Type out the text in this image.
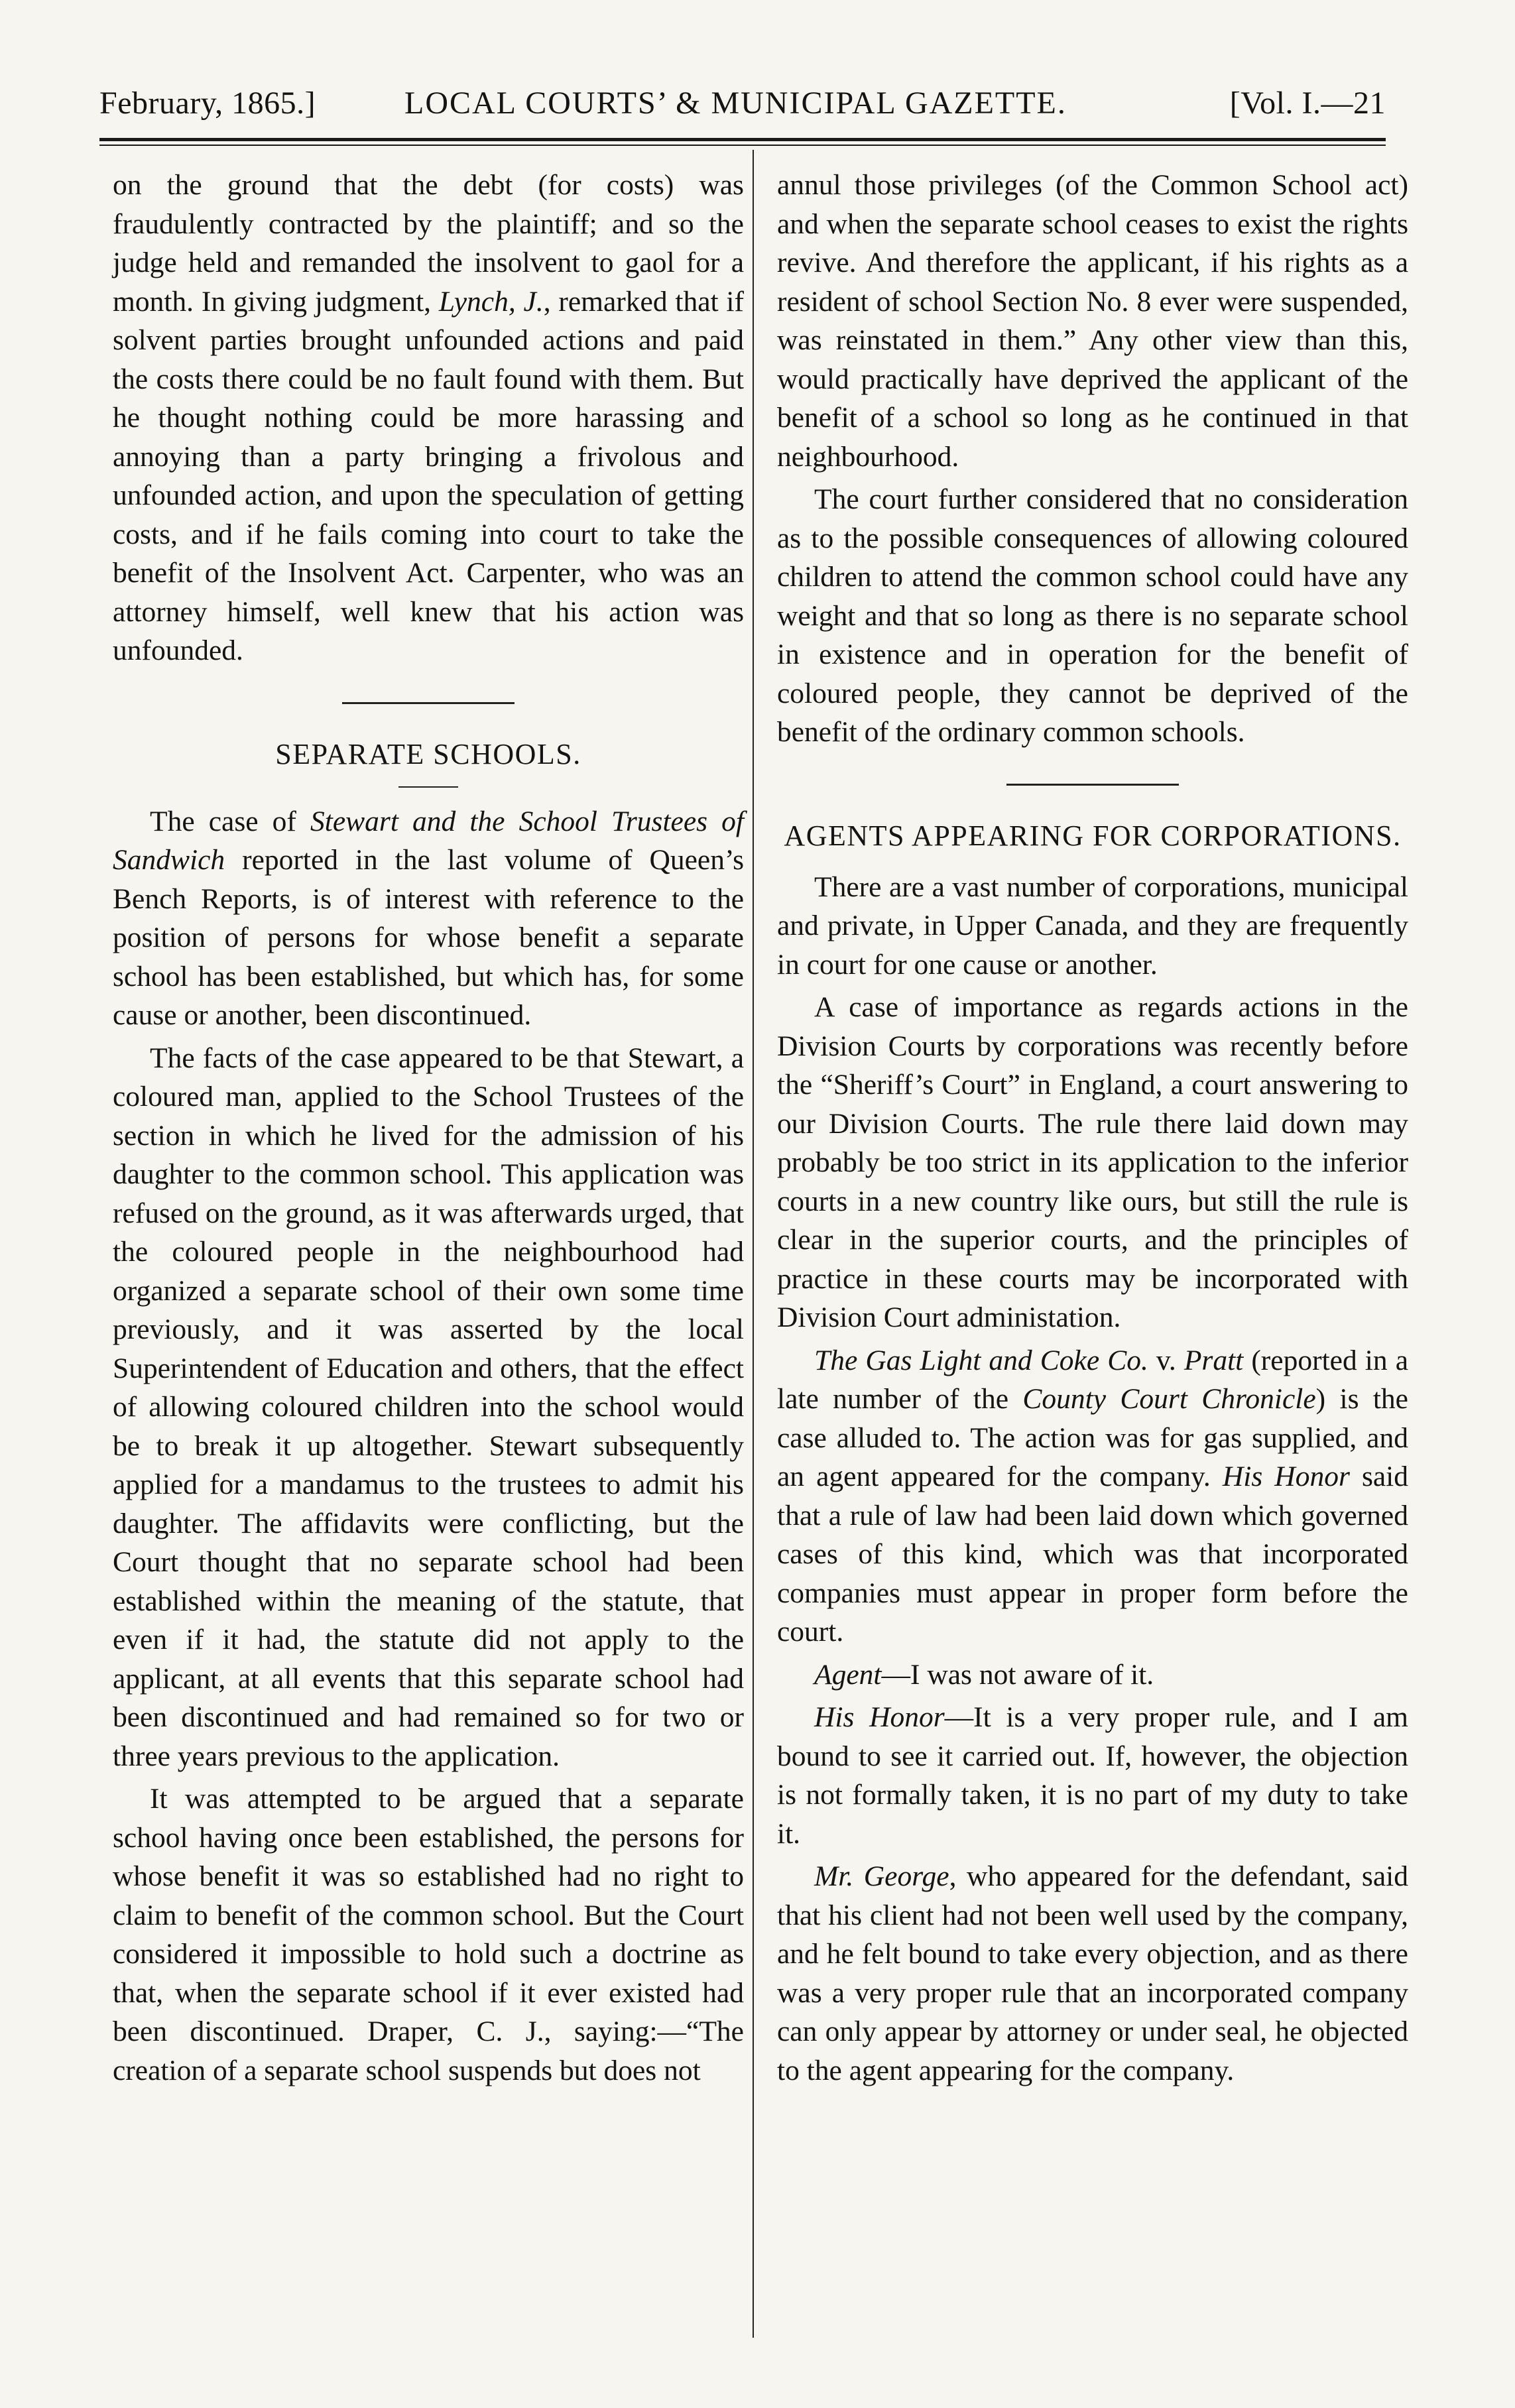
February, 1865.]	LOCAL COURTS’ & MUNICIPAL GAZETTE.	[Vol. I.—21

on the ground that the debt (for costs) was fraudulently contracted by the plaintiff; and so the judge held and remanded the insolvent to gaol for a month. In giving judgment, Lynch, J., remarked that if solvent parties brought unfounded actions and paid the costs there could be no fault found with them. But he thought nothing could be more harassing and annoying than a party bringing a frivolous and unfounded action, and upon the speculation of getting costs, and if he fails coming into court to take the benefit of the Insolvent Act. Carpenter, who was an attorney himself, well knew that his action was unfounded.

SEPARATE SCHOOLS.

The case of Stewart and the School Trustees of Sandwich reported in the last volume of Queen’s Bench Reports, is of interest with reference to the position of persons for whose benefit a separate school has been established, but which has, for some cause or another, been discontinued.

The facts of the case appeared to be that Stewart, a coloured man, applied to the School Trustees of the section in which he lived for the admission of his daughter to the common school. This application was refused on the ground, as it was afterwards urged, that the coloured people in the neighbourhood had organized a separate school of their own some time previously, and it was asserted by the local Superintendent of Education and others, that the effect of allowing coloured children into the school would be to break it up altogether. Stewart subsequently applied for a mandamus to the trustees to admit his daughter. The affidavits were conflicting, but the Court thought that no separate school had been established within the meaning of the statute, that even if it had, the statute did not apply to the applicant, at all events that this separate school had been discontinued and had remained so for two or three years previous to the application.

It was attempted to be argued that a separate school having once been established, the persons for whose benefit it was so established had no right to claim to benefit of the common school. But the Court considered it impossible to hold such a doctrine as that, when the separate school if it ever existed had been discontinued. Draper, C. J., saying:—“The creation of a separate school suspends but does not

annul those privileges (of the Common School act) and when the separate school ceases to exist the rights revive. And therefore the applicant, if his rights as a resident of school Section No. 8 ever were suspended, was reinstated in them.” Any other view than this, would practically have deprived the applicant of the benefit of a school so long as he continued in that neighbourhood.

The court further considered that no consideration as to the possible consequences of allowing coloured children to attend the common school could have any weight and that so long as there is no separate school in existence and in operation for the benefit of coloured people, they cannot be deprived of the benefit of the ordinary common schools.

AGENTS APPEARING FOR CORPORATIONS.

There are a vast number of corporations, municipal and private, in Upper Canada, and they are frequently in court for one cause or another.

A case of importance as regards actions in the Division Courts by corporations was recently before the “Sheriff’s Court” in England, a court answering to our Division Courts. The rule there laid down may probably be too strict in its application to the inferior courts in a new country like ours, but still the rule is clear in the superior courts, and the principles of practice in these courts may be incorporated with Division Court administation.

The Gas Light and Coke Co. v. Pratt (reported in a late number of the County Court Chronicle) is the case alluded to. The action was for gas supplied, and an agent appeared for the company. His Honor said that a rule of law had been laid down which governed cases of this kind, which was that incorporated companies must appear in proper form before the court.

Agent—I was not aware of it.

His Honor—It is a very proper rule, and I am bound to see it carried out. If, however, the objection is not formally taken, it is no part of my duty to take it.

Mr. George, who appeared for the defendant, said that his client had not been well used by the company, and he felt bound to take every objection, and as there was a very proper rule that an incorporated company can only appear by attorney or under seal, he objected to the agent appearing for the company.
